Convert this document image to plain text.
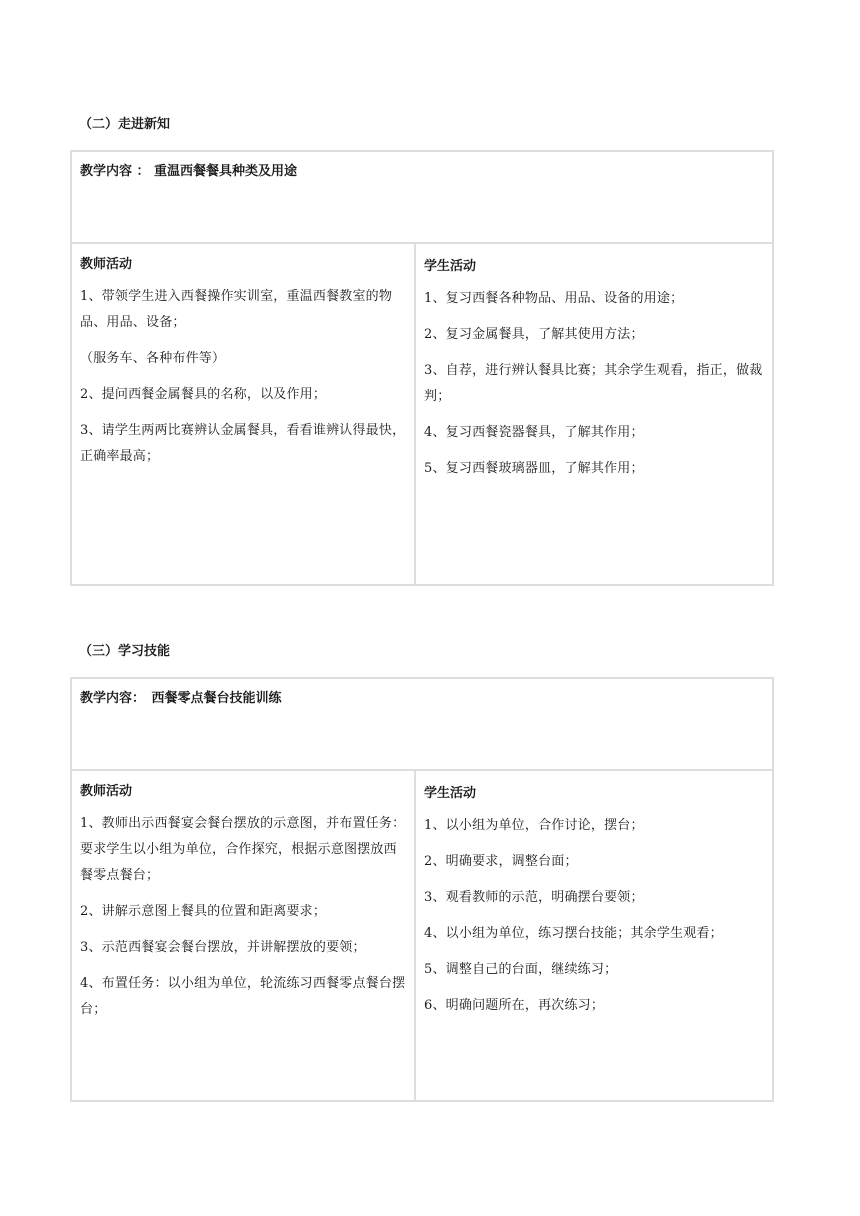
（二）走进新知
教学内容 ： 重温西餐餐具种类及用途
教师活动
1、带领学生进入西餐操作实训室，重温西餐教室的物品、用品、设备；
（服务车、各种布件等）
2、提问西餐金属餐具的名称，以及作用；
3、请学生两两比赛辨认金属餐具，看看谁辨认得最快，正确率最高；
学生活动
1、复习西餐各种物品、用品、设备的用途；
2、复习金属餐具，了解其使用方法；
3、自荐，进行辨认餐具比赛；其余学生观看，指正，做裁判；
4、复习西餐瓷器餐具，了解其作用；
5、复习西餐玻璃器皿，了解其作用；
（三）学习技能
教学内容：　西餐零点餐台技能训练
教师活动
1、教师出示西餐宴会餐台摆放的示意图，并布置任务：要求学生以小组为单位，合作探究，根据示意图摆放西餐零点餐台；
2、讲解示意图上餐具的位置和距离要求；
3、示范西餐宴会餐台摆放，并讲解摆放的要领；
4、布置任务：以小组为单位，轮流练习西餐零点餐台摆台；
学生活动
1、以小组为单位，合作讨论，摆台；
2、明确要求，调整台面；
3、观看教师的示范，明确摆台要领；
4、以小组为单位，练习摆台技能；其余学生观看；
5、调整自己的台面，继续练习；
6、明确问题所在，再次练习；
